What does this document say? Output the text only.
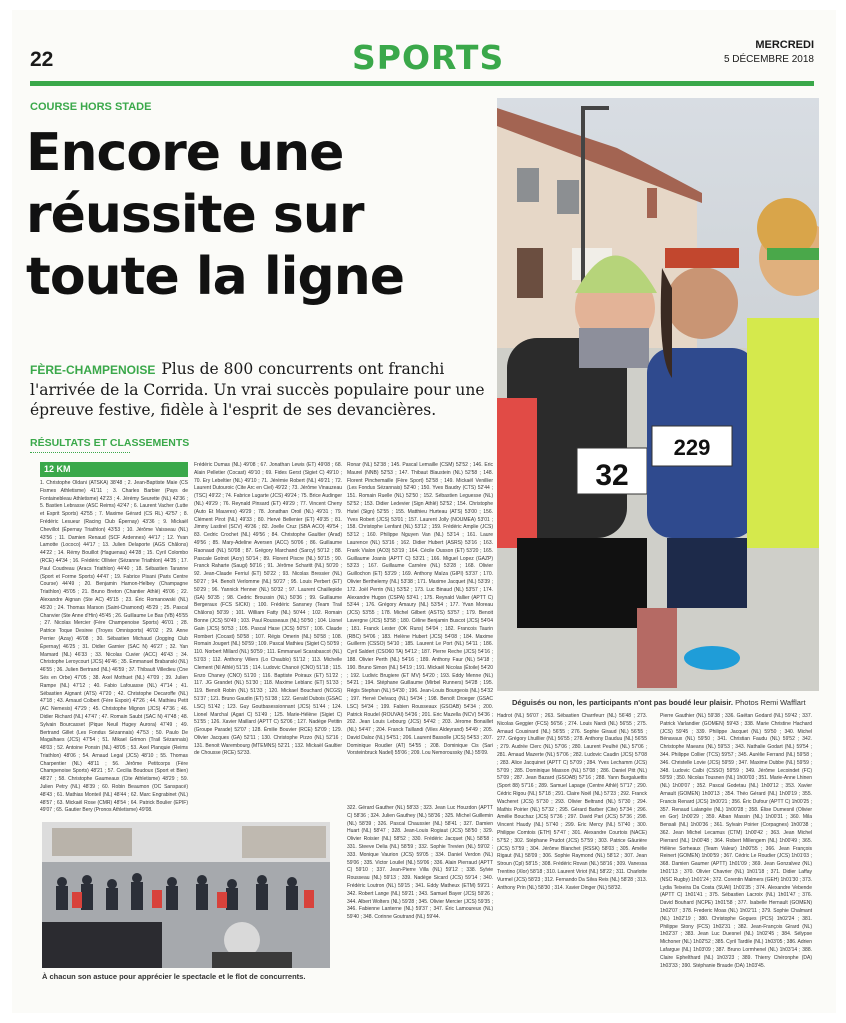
22	SPORTS	MERCREDI
5 DÉCEMBRE 2018
COURSE HORS STADE
Encore une réussite sur toute la ligne
FÈRE-CHAMPENOISE Plus de 800 concurrents ont franchi l'arrivée de la Corrida. Un vrai succès populaire pour une épreuve festive, fidèle à l'esprit de ses devancières.
RÉSULTATS ET CLASSEMENTS
12 KM
1. Christophe Oldani (ATSKA) 38'48 ; 2. Jean-Baptiste Maie (CS Fismes Athletisme) 41'11 ; 3. Charles Barbier (Pays de Fontainebleau Athletisme) 42'23 ; 4. Jérémy Seurette (NL) 42'36 ; 5. Bastien Lebrasse (ASC Reims) 42'47 ; 6. Laurent Vacher (Lutte et Esprit Sports) 42'55 ; 7. Maxime Gérard (CS RL) 42'57 ; 8. Frédéric Lesueur (Racing Club Épernay) 43'36 ; 9. Mickaël Chevillot (Épernay Triathlon) 43'53 ; 10. Jérôme Vaisseau (NL) 43'56 ; 11. Damien Renaud (SCF Ardennes) 44'17 ; 12. Yvan Lamotte (Lococo) 44'17 ; 13. Julien Delaporte (AGS Châlons) 44'22 ; 14. Rémy Bouillot (Haguenau) 44'28 ; 15. Cyril Colombo (RCE) 44'34 ; 16. Frédéric Ollivier (Sézanne Triathlon) 44'35 ; 17. Paul Coudreau (Aracs Triathlon) 44'40 ; 18. Sébastien Taranne (Sport et Forme Sports) 44'47 ; 19. Fabrice Pisani (Paris Centre Course) 44'49 ; 20. Benjamin Hamon-Helbey (Champagne Triathlon) 45'05 ; 21. Bruno Breton (Chantier Athlé) 45'06 ; 22. Alexandre Aignan (Ste AC) 45'15 ; 23. Éric Romanowski (NL) 45'20 ; 24. Thomas Marson (Saint-Chamond) 45'29 ; 25. Pascal Chanvier (Ste Anne d'Hin) 45'45 ; 26. Guillaume Le Bas (VB) 45'55 ; 27. Nicolas Mercier (Fère Champenoise Sports) 46'01 ; 28. Patrice Toque Desiree (Troyes Omnisports) 46'02 ; 29. Anne Perrier (Azay) 46'08 ; 30. Sébastien Michaud (Jogging Club Épernay) 46'25 ; 31. Didier Garnier (SAC N) 46'27 ; 32. Yan Mamard (NL) 46'33 ; 33. Nicolas Cuvier (ACC) 46'43 ; 34. Christophe Leroycourt (JCS) 46'46 ; 35. Emmanuel Brabanski (NL) 46'55 ; 36. Julien Bertrand (NL) 46'59 ; 37. Thibault Villedieu (Cne Sés en Orbe) 47'05 ; 38. Axel Mothuet (NL) 47'09 ; 39. Julien Rampe (NL) 47'12 ; 40. Fabio Lafouasse (NL) 47'14 ; 41. Sébastien Aignant (ATS) 47'20 ; 42. Christophe Decaroffe (NL) 47'18 ; 43. Arnaud Colbert (Fère Espoir) 47'26 ; 44. Mathieu Petit (AC Nemesis) 47'29 ; 45. Christophe Mignon (JCS) 47'36 ; 46. Didier Richard (NL) 47'47 ; 47. Romain Saubt (SAC N) 47'48 ; 48. Sylvain Bourcasset (Pique Neuil Hugey Aurora) 47'49 ; 49. Bertrand Gillet (Les Fondus Sézannais) 47'53 ; 50. Paulo De Magalhaes (JCS) 47'54 ; 51. Mikael Grimon (Trail Sézannais) 48'03 ; 52. Antoine Ponsin (NL) 48'05 ; 53. Axel Planquie (Reims Triathlon) 48'06 ; 54. Arnaud Legal (JCS) 48'10 ; 55. Thomas Charpentier (NL) 48'11 ; 56. Jérôme Petitcorps (Fère Champenoise Sports) 48'21 ; 57. Cecilia Boudoux (Sport et Bien) 48'27 ; 58. Christophe Gaumeaux (Cite Athletisme) 48'29 ; 59. Julien Petry (NL) 48'39 ; 60. Robin Beaumon (OC Sanspacé) 48'43 ; 61. Mathias Monteil (NL) 48'44 ; 62. Marc Engrabinet (NL) 48'57 ; 63. Mickaël Rose (CMR) 48'54 ; 64. Patrick Boulier (EPIF) 49'07 ; 65. Gautier Bery (Pronos Athletisme) 49'08.
Frédéric Dumas (NL) 49'08 ; 67. Jonathan Lewis (ET) 49'08 ; 68. Alain Pelletier (Cocast) 49'10 ; 69. Fides Gerst (Sigiet C) 49'10 ; 70. Ery Lebeltier (NL) 49'10 ; 71. Jérémie Robert (NL) 49'21 ; 72. Laurent Dutouroic (Cite Arc en Ciel) 49'22 ; 73. Jérôme Vinauzeau (TSC) 49'22 ; 74. Fabrice Lugarte (JCS) 49'24 ; 75. Brice Audinger (NL) 49'29 ; 76. Reynald Pinsard (ET) 49'29 ; 77. Vincent Cheny (Auto Et Mauvres) 49'29 ; 78. Jonathan Oroil (NL) 49'31 ; 79. Clément Pirot (NL) 49'33 ; 80. Hervé Bellenier (ET) 49'35 ; 81. Jimmy Lastirel (SCV) 49'36 ; 82. Joelle Cruz (SBA ACO) 49'54 ; 83. Cedric Crochet (NL) 49'56 ; 84. Christophe Gaultier (Arad) 49'56 ; 85. Mary-Adeline Aversen (ACC) 50'06 ; 86. Guillaume Raonaud (NL) 50'08 ; 87. Grégory Marchand (Sarcy) 50'12 ; 88. Pascale Gotnot (Acry) 50'14 ; 89. Florent Piscre (NL) 50'15 ; 90. Franck Raharte (Saugi) 50'16 ; 91. Jérôme Scharitt (NL) 50'20 ; 92. Jean-Claude Ferriul (ET) 50'22 ; 93. Nicolas Bressier (NL) 50'27 ; 94. Benoît Verlomme (NL) 50'27 ; 95. Louis Perbert (ET) 50'29 ; 96. Yannick Henner (NL) 50'32 ; 97. Laurent Chaillepide (GA) 50'35 ; 98. Cedric Broussin (NL) 50'36 ; 99. Guillaume Bergeraux (FCS SICKI) ; 100. Frédéric Sansney (Team Trail Châlons) 50'39 ; 101. William Fatty (NL) 50'44 ; 102. Romain Bonne (JCS) 50'49 ; 103. Paul Rousseaux (NL) 50'50 ; 104. Lionel Gain (JCS) 50'53 ; 105. Pascal Hase (JCS) 50'57 ; 106. Claude Rombert (Cocast) 50'58 ; 107. Régis Omerin (NL) 50'58 ; 108. Romain Jougert (NL) 50'59 ; 109. Pascal Mathieu (Sigiet C) 50'59 ; 110. Norbert Millard (NL) 50'59 ; 111. Emmanuel Scarabascot (NL) 51'03 ; 112. Anthony Villers (Lo Chaublo) 51'12 ; 113. Michelle Clement (NI Athlé) 51'15 ; 114. Ludovic Chancé (CNO) 51'18 ; 115. Enzo Chaney (CNO) 51'20 ; 116. Baptiste Poiraux (ET) 51'22 ; 117. JG Grandet (NL) 51'30 ; 118. Maxime Leblanc (ET) 51'33 ; 119. Benoît Robin (NL) 51'33 ; 120. Mickael Bouchard (NCGS) 51'37 ; 121. Bruno Gaudin (ET) 51'38 ; 122. Gerald Dubois (GSAC LSC) 51'42 ; 123. Guy Goutbasessionnant (JCS) 51'44 ; 124. Lionel Marchal (Agari C) 51'49 ; 125. Marie-Hélène (Sigiet C) 51'55 ; 126. Xavier Maillard (APTT C) 52'06 ; 127. Nadège Petitin (Groupe Parade) 52'07 ; 128. Émilie Bouvier (RCE) 52'09 ; 129. Olivier Jacques (GA) 52'11 ; 130. Christophe Pizzo (NL) 52'16 ; 131. Benoit Warembourg (MTEMNS) 52'21 ; 132. Mickaël Gaultier de Chousse (RCE) 52'33.
Ronar (NL) 52'38 ; 145. Pascal Lemaille (CSM) 52'52 ; 146. Eric Maurel (NNB) 52'53 ; 147. Thibaut Blaustein (NL) 52'58 ; 148. Florent Pinchemaille (Fère Sport) 52'58 ; 149. Mickaël Venillier (Les Fondus Sézannais) 52'40 ; 150. Yves Baudry (CTS) 52'44 ; 151. Romain Ruelle (NL) 52'50 ; 152. Sébastien Leguesse (NL) 52'52 ; 153. Didier Ledevier (Sign Athlé) 52'52 ; 154. Christophe Hutel (Sign) 52'55 ; 155. Matthieu Hurteau (ATS) 53'00 ; 156. Yves Robert (JCS) 53'01 ; 157. Laurent Jolly (NOUMEA) 53'01 ; 158. Christophe Lenfant (NL) 53'12 ; 159. Frédéric Amplie (JCS) 53'12 ; 160. Philippe Nguyen Van (NL) 53'14 ; 161. Laure Laurence (NL) 53'16 ; 162. Didier Hubert (ASRS) 53'16 ; 163. Frank Vialon (AO3) 53'19 ; 164. Cécile Ousson (ET) 53'20 ; 165. Guillaume Joanis (APTT C) 53'21 ; 166. Miguel Lopez (GAZP) 53'23 ; 167. Guillaume Carnère (NL) 53'28 ; 168. Olivier Guillochon (ET) 53'29 ; 169. Anthony Maïza (GIPI) 53'37 ; 170. Olivier Berthelemy (NL) 53'38 ; 171. Maxime Jacquet (NL) 53'39 ; 172. Joël Perrin (NL) 53'52 ; 173. Luc Binaud (NL) 53'57 ; 174. Alexandre Hugon (CSPA) 53'41 ; 175. Reynald Vallier (APTT C) 53'44 ; 176. Grégory Amaury (NL) 53'54 ; 177. Yvan Moreau (JCS) 53'55 ; 178. Michel Gilbert (ASTS) 53'57 ; 179. Benoit Lavergne (JCS) 53'58 ; 180. Céline Benjamin Buscot (JCS) 54'04 ; 181. Franck Lester (OK Runs) 54'04 ; 182. Francois Taurin (RBC) 54'06 ; 183. Helène Hubert (JCS) 54'08 ; 184. Maxime Guillerm (CSSO) 54'10 ; 185. Laurent Le Port (NL) 54'11 ; 186. Cyril Saldert (CSO60 TA) 54'12 ; 187. Pierre Reche (JCS) 54'16 ; 188. Olivier Perth (NL) 54'16 ; 189. Anthony Faur (NL) 54'18 ; 190. Bruno Simon (NL) 54'19 ; 191. Mickaël Nicolas (Étoile) 54'20 ; 192. Ludivic Brugiere (ET MV) 54'20 ; 193. Eddy Menne (NL) 54'21 ; 194. Stéphane Guillaume (Mirbel Runners) 54'28 ; 195. Régis Stephan (NL) 54'30 ; 196. Jean-Louis Bourgeois (NL) 54'32 ; 197. Hervé Delvacq (NL) 54'34 ; 198. Benoît Droeger (GSAC LSC) 54'34 ; 199. Fabien Rousseaux (GSOAB) 54'34 ; 200. Patrick Roudel (ROUVAI) 54'36 ; 201. Eric Mazella (NCV) 54'36 ; 202. Jean Louis Lebourg (JCS) 54'42 ; 203. Jérome Bonaillet (NL) 54'47 ; 204. Franck Taillandi (Viles Aldeyrand) 54'49 ; 205. David Daloz (NL) 54'51 ; 206. Laurent Bassolle (JCS) 54'53 ; 207. Dominique Roudier (AT) 54'55 ; 208. Dominique Cis (Sari Vorsteinbruck Nadel) 55'06 ; 209. Lou Nemoroussky (NL) 55'09.
32
229
Déguisés ou non, les participants n'ont pas boudé leur plaisir. Photos Remi Wafflart
Hadrot (NL) 56'07 ; 263. Sébastien Charrfeurr (NL) 56'48 ; 273. Nicolas Geggier (FCS) 56'56 ; 274. Louis Nardi (NL) 56'55 ; 275. Arnaud Cousinard (NL) 56'55 ; 276. Sophie Giraud (NL) 56'55 ; 277. Grégory Lhuillier (NL) 56'55 ; 278. Anthony Dauduu (NL) 56'55 ; 279. Audrée Clerc (NL) 57'06 ; 280. Laurent Peulhé (NL) 57'06 ; 281. Arnaud Mazerte (NL) 57'06 ; 282. Ludovic Caudin (JCS) 57'08 ; 283. Alice Jacquinet (APTT C) 57'09 ; 284. Yves Lechamm (JCS) 57'09 ; 285. Dominique Masson (NL) 57'08 ; 286. Daniel Pitt (NL) 57'09 ; 287. Jean Bazard (GSOAB) 57'16 ; 288. Yann Burgaluettis (Sport 88) 57'16 ; 289. Samuel Lapage (Centre Athlé) 57'17 ; 290. Cédric Rigou (NL) 57'18 ; 291. Claire Noël (NL) 57'23 ; 292. Franck Wacheret (JCS) 57'30 ; 293. Olivier Beltrand (NL) 57'30 ; 294. Mathis Poirier (NL) 57'32 ; 295. Gérard Barber (Cite) 57'34 ; 296. Amélie Bouchaz (JCS) 57'36 ; 297. David Parl (JCS) 57'36 ; 298. Vincent Haudy (NL) 57'40 ; 299. Eric Mercy (NL) 57'40 ; 300. Philippe Comtois (ETH) 57'47 ; 301. Alexandre Courtois (NACE) 57'52 ; 302. Stéphane Prudot (JCS) 57'59 ; 303. Patrice Gâurière (JCS) 57'59 ; 304. Jérôme Blanchet (RSSK) 58'03 ; 305. Amélie Rigaut (NL) 58'09 ; 306. Sophie Raymond (NL) 58'12 ; 307. Jean Stroun (Cpl) 58'15 ; 308. Frédéric Rovan (NL) 58'16 ; 309. Vanessa Trentino (Xlor) 58'18 ; 310. Laurent Viriot (NL) 58'22 ; 311. Charlotte Vurmel (JCS) 58'23 ; 312. Fernando Da Silva Reis (NL) 58'28 ; 313. Anthony Prin (NL) 58'30 ; 314. Xavier Dinger (NL) 58'32.
Pierre Gauthier (NL) 59'38 ; 336. Gaëtan Godard (NL) 59'42 ; 337. Patrick Varlandier (GOMEN) 59'43 ; 338. Marie Christine Hachard (JCS) 59'45 ; 339. Philippe Jacquet (NL) 59'50 ; 340. Michel Bénavaux (NL) 59'50 ; 341. Christian Faudu (NL) 59'52 ; 342. Christophe Maeans (NL) 59'53 ; 343. Nathalie Godart (NL) 59'54 ; 344. Philippe Collier (TCS) 59'57 ; 345. Aurélie Ferrand (NL) 59'58 ; 346. Christelle Lovie (JCS) 59'59 ; 347. Maxime Dubbe (NL) 59'59 ; 348. Ludovic Calbi (CSSO) 59'59 ; 349. Jérôme Lecoindet (FC) 59'59 ; 350. Nicolas Tousnen (NL) 1h00'03 ; 351. Marie-Anne Lhinen (NL) 1h00'07 ; 352. Pascal Godetau (NL) 1h00'12 ; 353. Xavier Arnault (GOMEN) 1h00'13 ; 354. Théo Gérard (NL) 1h00'19 ; 355. Francis Renard (JCS) 1h00'21 ; 356. Éric Dufour (APTT C) 1h00'25 ; 357. Renaud Lalangée (NL) 1h00'28 ; 358. Élise Dumesnil (Olivier en Gor) 1h00'29 ; 359. Alban Massin (NL) 1h00'31 ; 360. Mila Bensali (NL) 1h00'36 ; 361. Sylvain Poirier (Corpagnes) 1h00'38 ; 362. Jean Michel Lecamus (CTM) 1h00'42 ; 363. Jean Michel Pierrard (NL) 1h00'48 ; 364. Robert Millengem (NL) 1h00'49 ; 365. Hélène Sorheaux (Team Valeur) 1h00'55 ; 366. Jean François Reinert (GOMEN) 1h00'59 ; 367. Cédric Le Roudier (JCS) 1h01'03 ; 368. Damien Gaumer (APTT) 1h01'09 ; 369. Jean Gonzalvez (NL) 1h01'13 ; 370. Olivier Chavrier (NL) 1h01'18 ; 371. Didier Laffay (NSC Rugby) 1h01'24 ; 372. Corentin Malmers (GEH) 1h01'30 ; 373. Lydia Teixeira Da Costa (SUAI) 1h01'35 ; 374. Alexandre Vebende (APTT C) 1h01'41 ; 375. Sébastien Lacroix (NL) 1h01'47 ; 376. David Bouhard (NCPE) 1h01'58 ; 377. Isabelle Hernault (GOMEN) 1h02'07 ; 378. Frederic Moas (NL) 1h02'11 ; 379. Sophie Chalmant (NL) 1h02'19 ; 380. Christophe Gogues (PCS) 1h02'24 ; 381. Philippe Stony (FCS) 1h02'31 ; 382. Jean-François Girard (NL) 1h02'37 ; 383. Jean Luc Duesnel (NL) 1h02'45 ; 384. Sélypse Michoner (NL) 1h02'52 ; 385. Cyril Tardile (NL) 1h03'05 ; 386. Adrien Lafargue (NL) 1h03'09 ; 387. Bruno Lormhenel (NL) 1h03'14 ; 388. Claire Ephelthard (NL) 1h03'23 ; 389. Thierry Chéronphe (DA) 1h03'33 ; 390. Stéphanie Braude (DA) 1h03'45.
322. Gérard Gauther (NL) 58'33 ; 323. Jean Luc Houzdon (APTT C) 58'36 ; 324. Julien Gauthey (NL) 58'36 ; 325. Michel Guillemin (NL) 58'39 ; 326. Pascal Chaussier (NL) 58'41 ; 327. Damien Huart (NL) 58'47 ; 328. Jean-Louis Rogiaut (JCS) 58'50 ; 329. Olivier Roisier (NL) 58'52 ; 330. Frédéric Jacquet (NL) 58'58 ; 331. Steeve Delia (NL) 58'59 ; 332. Sophie Trevien (NL) 59'02 ; 333. Monique Vaurion (JCS) 59'05 ; 334. Daniel Verdon (NL) 59'06 ; 335. Victor Louilel (NL) 59'06 ; 336. Alain Pierraud (APTT C) 59'10 ; 337. Jean-Pierre Villa (NL) 59'12 ; 338. Sylvie Rousseau (NL) 59'13 ; 339. Nadège Sicard (JCS) 59'14 ; 340. Frédéric Loutron (NL) 59'15 ; 341. Eddy Matheux (ETM) 59'21 ; 342. Robert Lange (NL) 59'21 ; 343. Samuel Bayer (JCS) 59'26 ; 344. Albert Wolters (NL) 59'28 ; 345. Olivier Mercier (JCS) 59'35 ; 346. Fabienne Lanterne (NL) 59'37 ; 347. Éric Lamoureux (NL) 59'40 ; 348. Corinne Goutrand (NL) 59'44.
À chacun son astuce pour apprécier le spectacle et le flot de concurrents.
